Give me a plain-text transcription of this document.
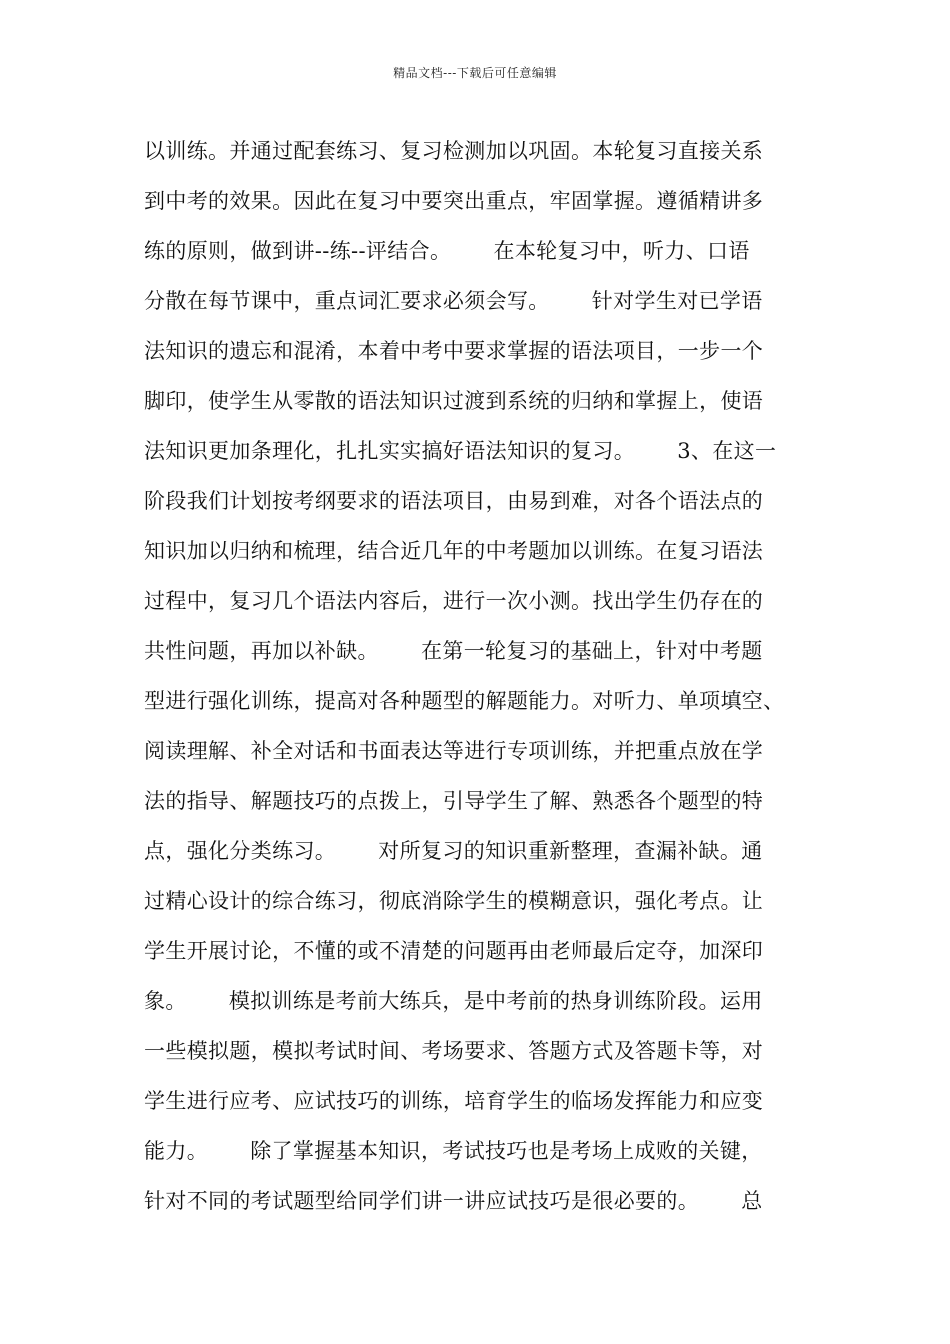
精品文档---下载后可任意编辑
以训练。并通过配套练习、复习检测加以巩固。本轮复习直接关系
到中考的效果。因此在复习中要突出重点，牢固掌握。遵循精讲多
练的原则，做到讲--练--评结合。      在本轮复习中，听力、口语
分散在每节课中，重点词汇要求必须会写。      针对学生对已学语
法知识的遗忘和混淆，本着中考中要求掌握的语法项目，一步一个
脚印，使学生从零散的语法知识过渡到系统的归纳和掌握上，使语
法知识更加条理化，扎扎实实搞好语法知识的复习。      3、在这一
阶段我们计划按考纲要求的语法项目，由易到难，对各个语法点的
知识加以归纳和梳理，结合近几年的中考题加以训练。在复习语法
过程中，复习几个语法内容后，进行一次小测。找出学生仍存在的
共性问题，再加以补缺。      在第一轮复习的基础上，针对中考题
型进行强化训练，提高对各种题型的解题能力。对听力、单项填空、
阅读理解、补全对话和书面表达等进行专项训练，并把重点放在学
法的指导、解题技巧的点拨上，引导学生了解、熟悉各个题型的特
点，强化分类练习。      对所复习的知识重新整理，查漏补缺。通
过精心设计的综合练习，彻底消除学生的模糊意识，强化考点。让
学生开展讨论，不懂的或不清楚的问题再由老师最后定夺，加深印
象。      模拟训练是考前大练兵，是中考前的热身训练阶段。运用
一些模拟题，模拟考试时间、考场要求、答题方式及答题卡等，对
学生进行应考、应试技巧的训练，培育学生的临场发挥能力和应变
能力。      除了掌握基本知识，考试技巧也是考场上成败的关键，
针对不同的考试题型给同学们讲一讲应试技巧是很必要的。      总
